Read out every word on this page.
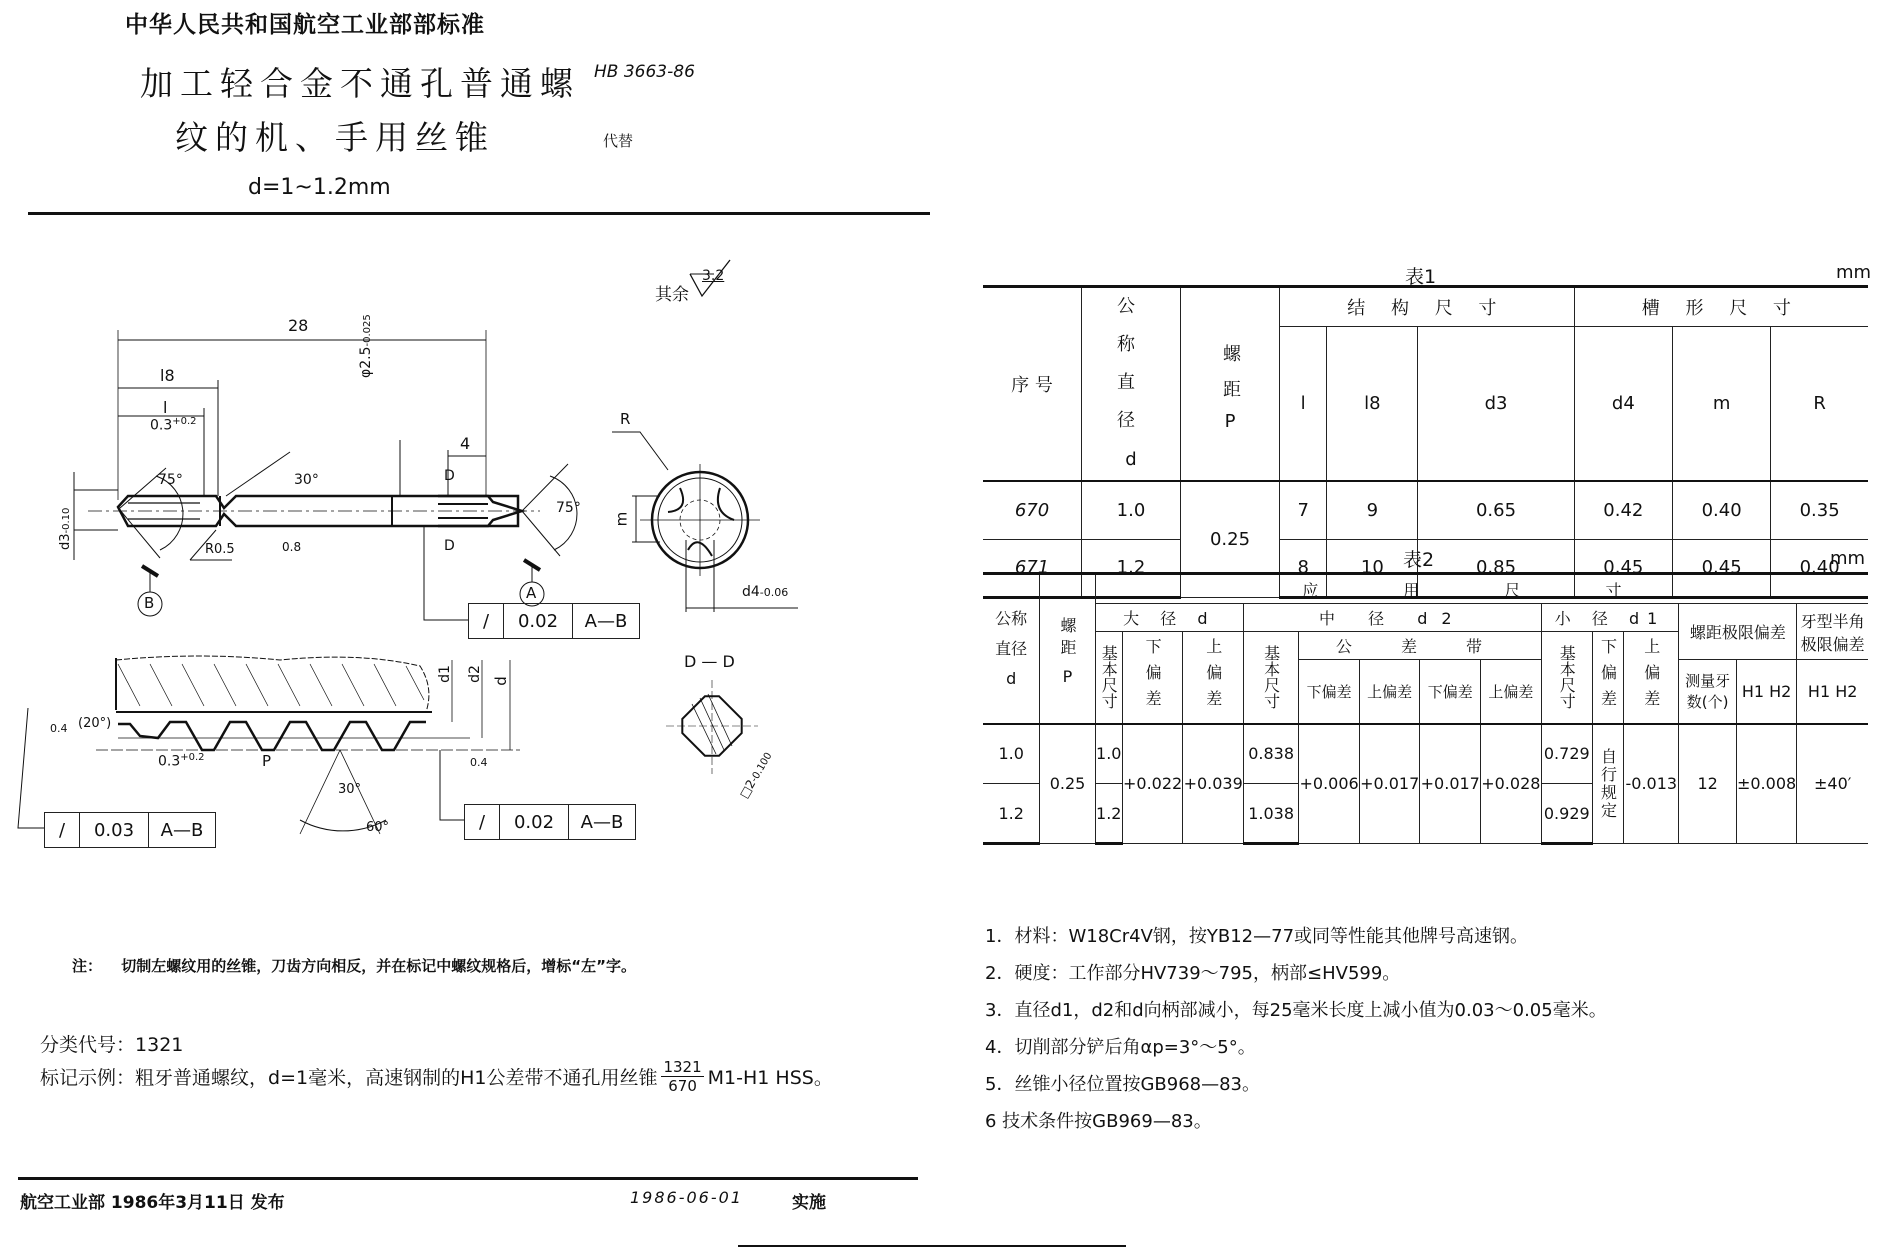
中华人民共和国航空工业部部标准
加工轻合金不通孔普通螺
纹的机、手用丝锥
d=1~1.2mm
HB 3663-86
代替
其余
3.2
28
l8
l
$0.3^{+0.2}$
75°	30°
φ2.5-0.025
4
D
D
75°
R0.5	0.8
d3-0.10
B
A
R
m
d4-0.06
D — D
□2-0.100
(20°)
0.4
0.4
$0.3^{+0.2}$	P
30°
60°
d1 d2 d
/	0.02	A—B
/	0.03	A—B	/	0.02	A—B
注： 切制左螺纹用的丝锥，刀齿方向相反，并在标记中螺纹规格后，增标“左”字。
分类代号：1321
标记示例： 粗牙普通螺纹，d=1毫米，高速钢制的H1公差带不通孔用丝锥 $\frac{1321}{670} M1-H1$ HSS。
表1	mm
序 号	
公 称 直 径
d

螺 距
P
	结 构 尺 寸	槽 形 尺 寸
			l	l8	d3	d4	m	R
670	1.0	0.25	7	9	0.65	0.42	0.40	0.35
671	1.2		8	10	0.85	0.45	0.45	0.40
表2	mm
公称直径
d

螺距
P
	应 用 尺 寸
		大 径 d			中 径 d2					小 径 d1			螺距极限偏差		牙型半角极限偏差

		基本尺寸	下偏差	上偏差	基本尺寸	公 差 带				基本尺寸	下偏差	上偏差			

						下偏差	上偏差	下偏差	上偏差				测量牙数(个)	H1 H2	H1 H2
1.0	0.25	1.0	+0.022	+0.039	0.838	+0.006	+0.017	+0.017	+0.028	0.729	自行规定	-0.013	12	±0.008	±40′
1.2		1.2			1.038					0.929					

1．材料：W18Cr4V钢，按YB12—77或同等性能其他牌号高速钢。

2．硬度：工作部分HV739～795，柄部≤HV599。

3．直径d1，d2和d向柄部减小，每25毫米长度上减小值为0.03～0.05毫米。

4．切削部分铲后角αp=3°～5°。

5．丝锥小径位置按GB968—83。

6 技术条件按GB969—83。

航空工业部 1986年3月11日 发布	1986-06-01	实施
